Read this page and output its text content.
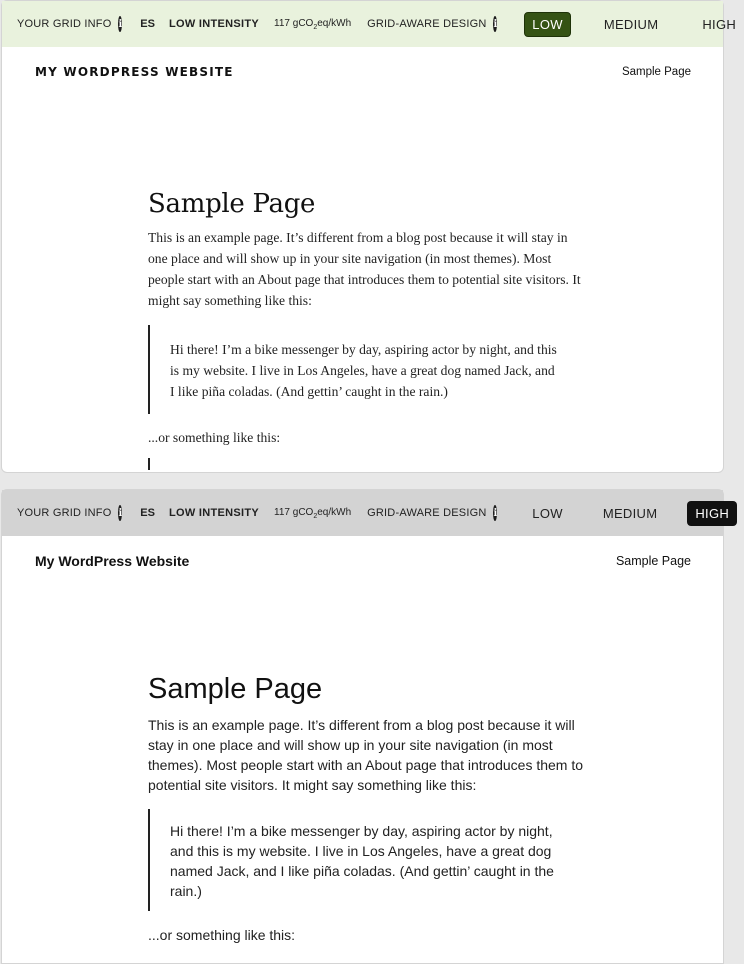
YOUR GRID INFO i ES LOW INTENSITY 117 gCO$_2$eq/kWh GRID-AWARE DESIGN i	LOW	MEDIUM	HIGH
MY WORDPRESS WEBSITE	Sample Page
Sample Page

This is an example page. It’s different from a blog post because it will stay in one place and will show up in your site navigation (in most themes). Most people start with an About page that introduces them to potential site visitors. It might say something like this:

Hi there! I’m a bike messenger by day, aspiring actor by night, and this is my website. I live in Los Angeles, have a great dog named Jack, and I like piña coladas. (And gettin’ caught in the rain.)

...or something like this:

YOUR GRID INFO i ES LOW INTENSITY 117 gCO$_2$eq/kWh GRID-AWARE DESIGN i	LOW	MEDIUM	HIGH
My WordPress Website	Sample Page
Sample Page

This is an example page. It’s different from a blog post because it will stay in one place and will show up in your site navigation (in most themes). Most people start with an About page that introduces them to potential site visitors. It might say something like this:

Hi there! I’m a bike messenger by day, aspiring actor by night, and this is my website. I live in Los Angeles, have a great dog named Jack, and I like piña coladas. (And gettin’ caught in the rain.)

...or something like this:
